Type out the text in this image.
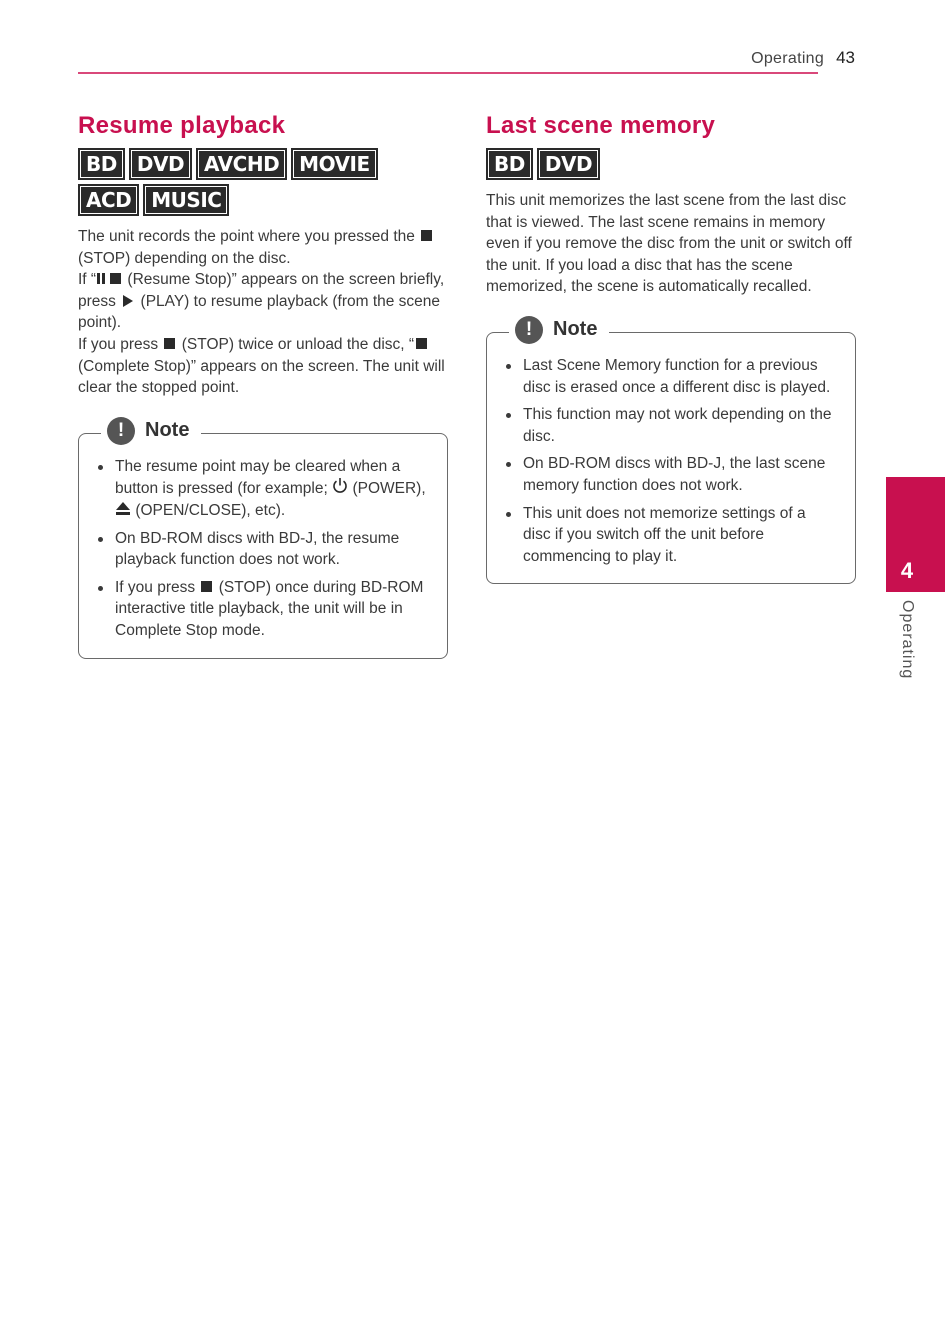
Operating 43
Resume playback
BD	DVD	AVCHD	MOVIE
ACD	MUSIC

The unit records the point where you pressed the  (STOP) depending on the disc.

If “ (Resume Stop)” appears on the screen briefly, press (PLAY) to resume playback (from the scene point).

If you press (STOP) twice or unload the disc, “(Complete Stop)” appears on the screen. The unit will clear the stopped point.

!	Note
The resume point may be cleared when a button is pressed (for example; (POWER),  (OPEN/CLOSE), etc).
On BD-ROM discs with BD-J, the resume playback function does not work.
If you press (STOP) once during BD-ROM interactive title playback, the unit will be in Complete Stop mode.
Last scene memory
BD	DVD

This unit memorizes the last scene from the last disc that is viewed. The last scene remains in memory even if you remove the disc from the unit or switch off the unit. If you load a disc that has the scene memorized, the scene is automatically recalled.

!	Note
Last Scene Memory function for a previous disc is erased once a different disc is played.
This function may not work depending on the disc.
On BD-ROM discs with BD-J, the last scene memory function does not work.
This unit does not memorize settings of a disc if you switch off the unit before commencing to play it.
4
Operating
